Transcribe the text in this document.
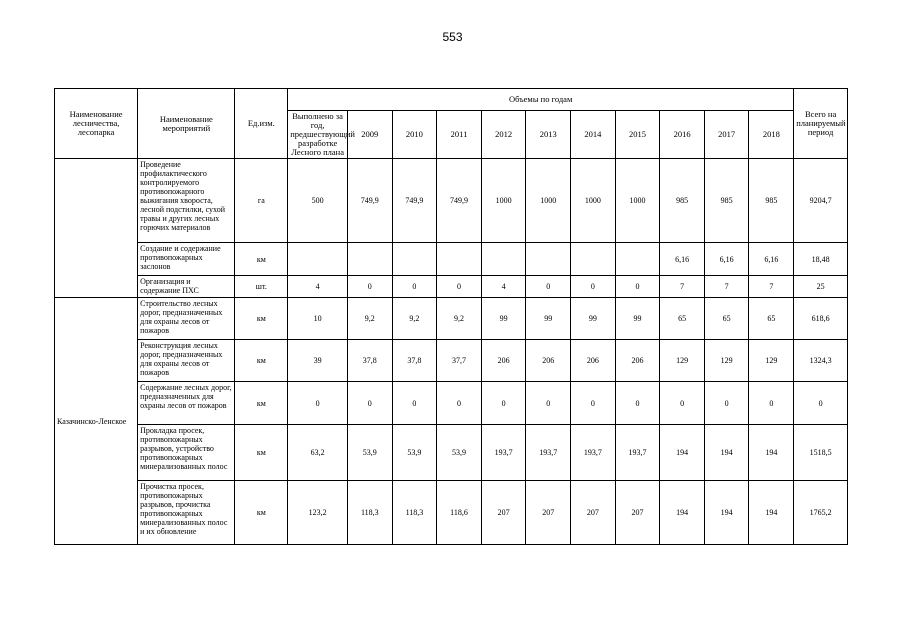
553
Наименование лесничества, лесопарка	Наименование мероприятий	Ед.изм.	Объемы по годам											Всего на планируемый период
			Выполнено за год, предшествующий разработке Лесного плана	2009	2010	2011	2012	2013	2014	2015	2016	2017	2018	
	Проведение профилактического контролируемого противопожарного выжигания хвороста, лесной подстилки, сухой травы и других лесных горючих материалов	га	500	749,9	749,9	749,9	1000	1000	1000	1000	985	985	985	9204,7
	Создание и содержание противопожарных заслонов	км									6,16	6,16	6,16	18,48
	Организация и содержание ПХС	шт.	4	0	0	0	4	0	0	0	7	7	7	25
Казачинско-Ленское	Строительство лесных дорог, предназначенных для охраны лесов от пожаров	км	10	9,2	9,2	9,2	99	99	99	99	65	65	65	618,6
	Реконструкция лесных дорог, предназначенных для охраны лесов от пожаров	км	39	37,8	37,8	37,7	206	206	206	206	129	129	129	1324,3
	Содержание лесных дорог, предназначенных для охраны лесов от пожаров	км	0	0	0	0	0	0	0	0	0	0	0	0
	Прокладка просек, противопожарных разрывов, устройство противопожарных минерализованных полос	км	63,2	53,9	53,9	53,9	193,7	193,7	193,7	193,7	194	194	194	1518,5
	Прочистка просек, противопожарных разрывов, прочистка противопожарных минерализованных полос и их обновление	км	123,2	118,3	118,3	118,6	207	207	207	207	194	194	194	1765,2
